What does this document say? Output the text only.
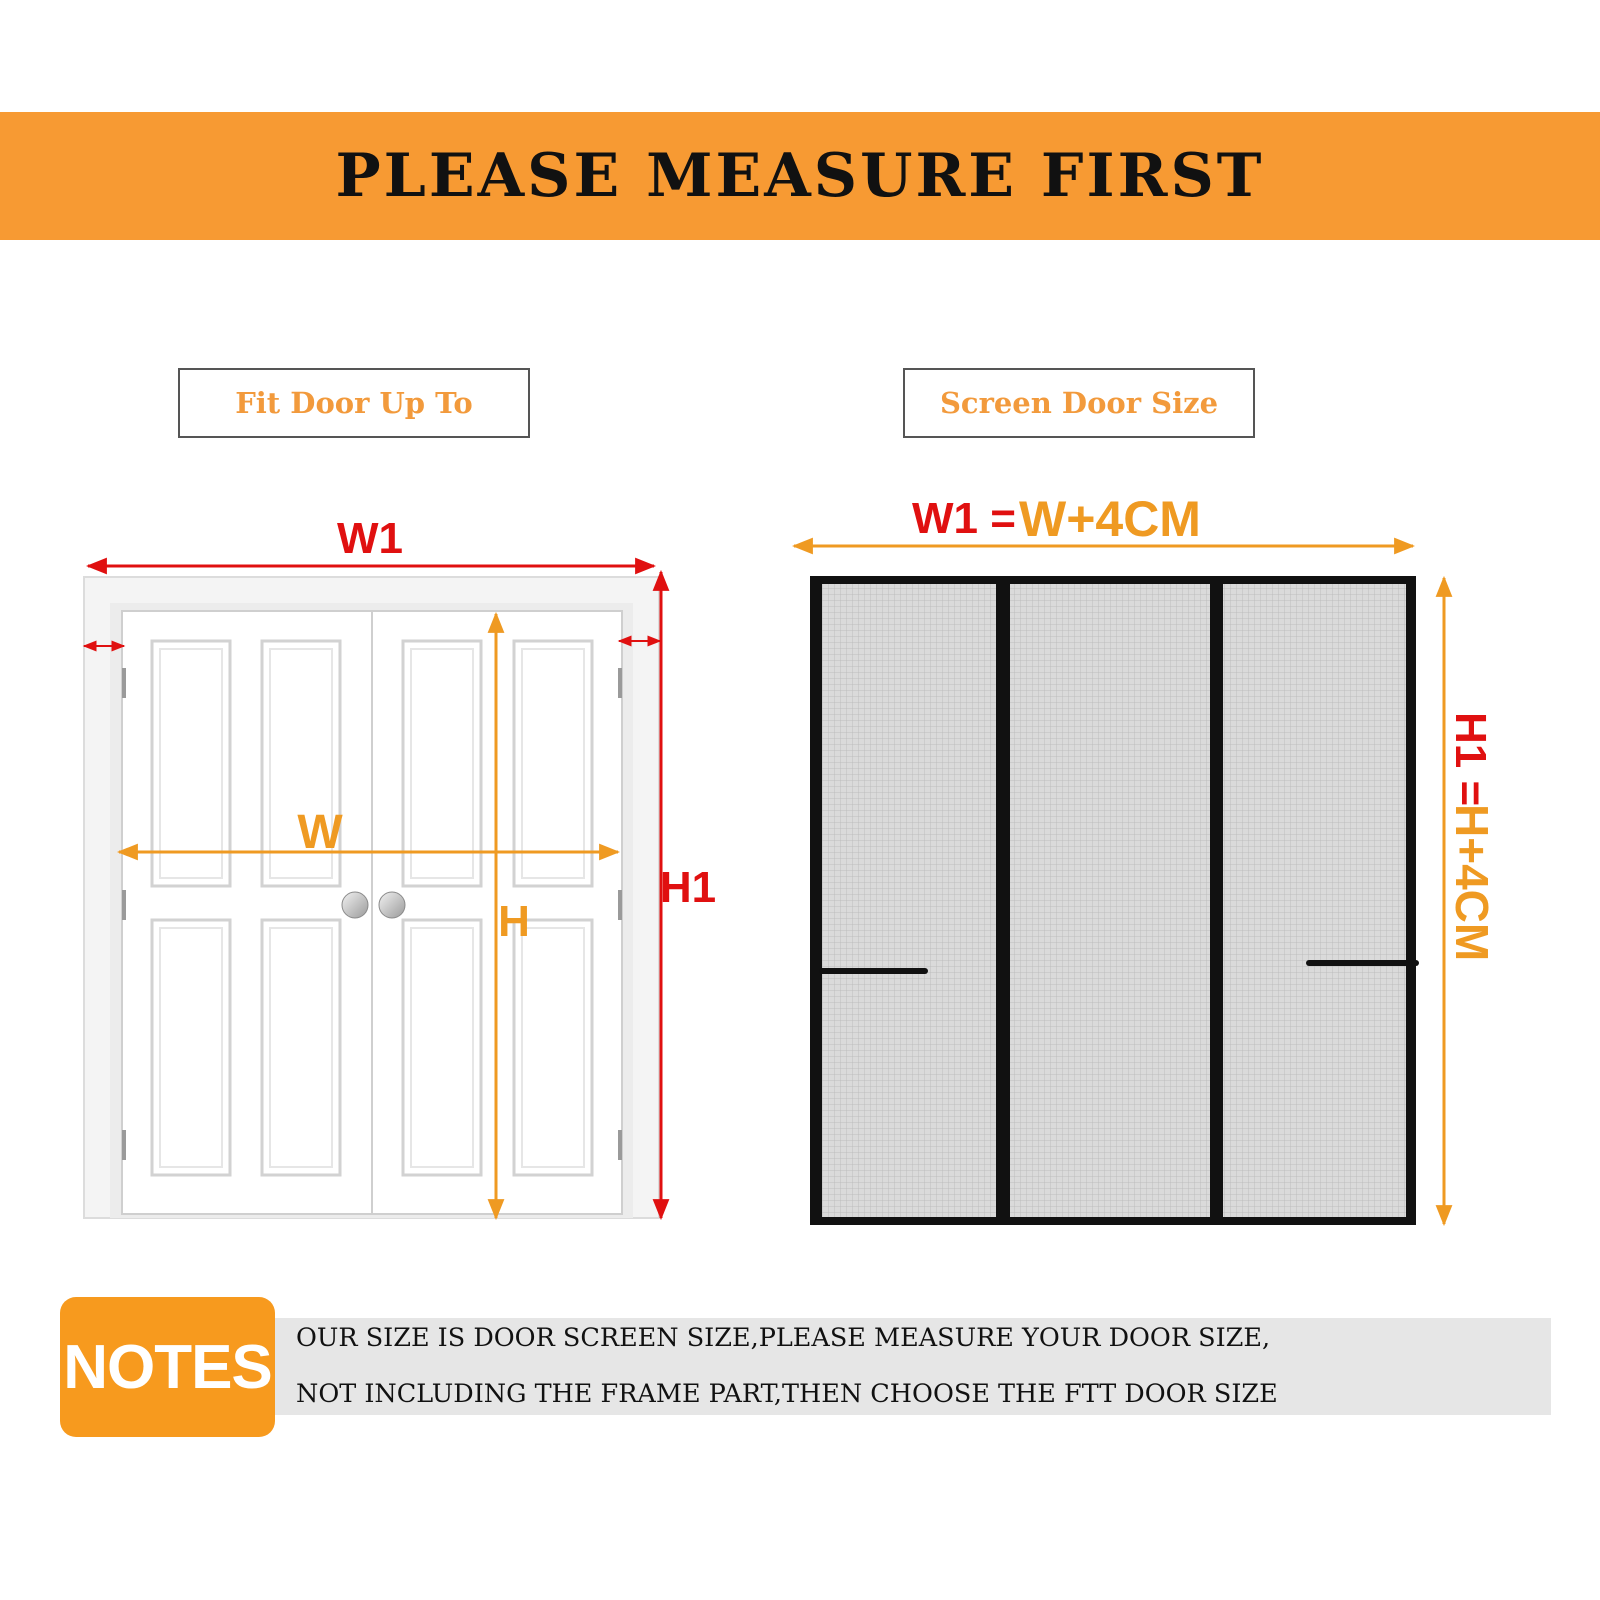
PLEASE MEASURE FIRST
Fit Door Up To	Screen Door Size
W1
H1
W
H
W1 = W+4CM
H1 =
H+4CM
NOTES OUR SIZE IS DOOR SCREEN SIZE,PLEASE MEASURE YOUR DOOR SIZE,
NOT INCLUDING THE FRAME PART,THEN CHOOSE THE FTT DOOR SIZE
